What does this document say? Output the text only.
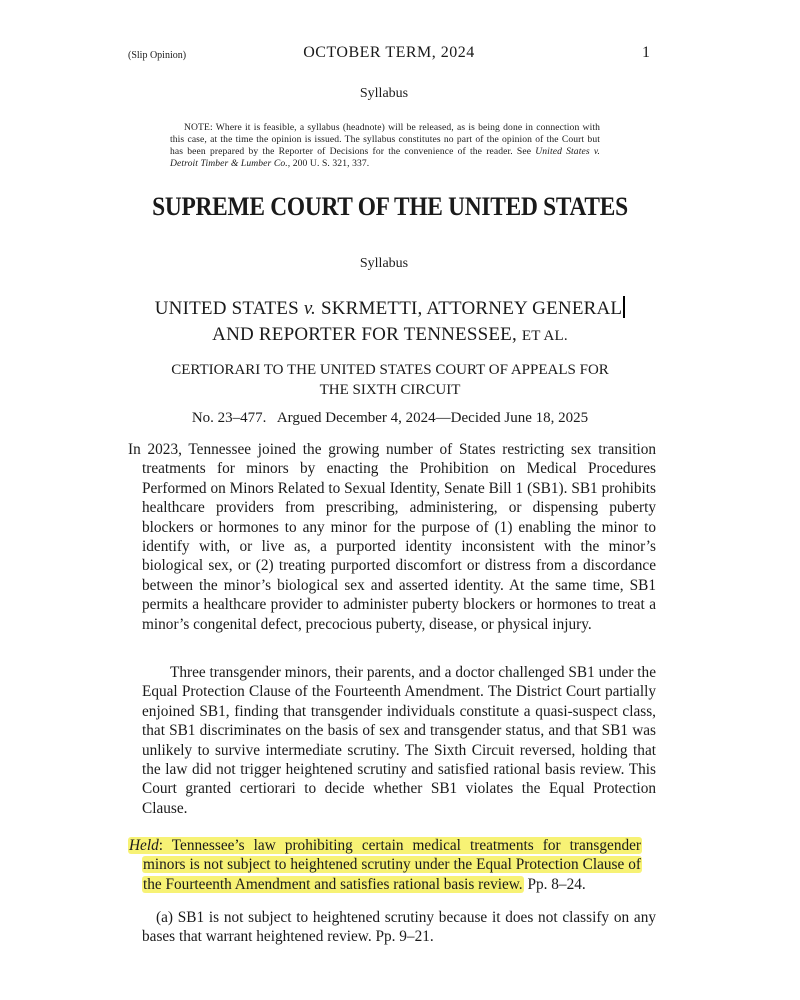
(Slip Opinion)	OCTOBER TERM, 2024	1
Syllabus
NOTE: Where it is feasible, a syllabus (headnote) will be released, as is being done in connection with this case, at the time the opinion is issued. The syllabus constitutes no part of the opinion of the Court but has been prepared by the Reporter of Decisions for the convenience of the reader. See United States v. Detroit Timber & Lumber Co., 200 U. S. 321, 337.
SUPREME COURT OF THE UNITED STATES
Syllabus
UNITED STATES v. SKRMETTI, ATTORNEY GENERAL
AND REPORTER FOR TENNESSEE, ET AL.
CERTIORARI TO THE UNITED STATES COURT OF APPEALS FOR
THE SIXTH CIRCUIT
No. 23–477.   Argued December 4, 2024—Decided June 18, 2025
In 2023, Tennessee joined the growing number of States restricting sex transition treatments for minors by enacting the Prohibition on Medical Procedures Performed on Minors Related to Sexual Identity, Senate Bill 1 (SB1). SB1 prohibits healthcare providers from prescribing, administering, or dispensing puberty blockers or hormones to any minor for the purpose of (1) enabling the minor to identify with, or live as, a purported identity inconsistent with the minor’s biological sex, or (2) treating purported discomfort or distress from a discordance between the minor’s biological sex and asserted identity. At the same time, SB1 permits a healthcare provider to administer puberty blockers or hormones to treat a minor’s congenital defect, precocious puberty, disease, or physical injury.
Three transgender minors, their parents, and a doctor challenged SB1 under the Equal Protection Clause of the Fourteenth Amendment. The District Court partially enjoined SB1, finding that transgender individuals constitute a quasi-suspect class, that SB1 discriminates on the basis of sex and transgender status, and that SB1 was unlikely to survive intermediate scrutiny. The Sixth Circuit reversed, holding that the law did not trigger heightened scrutiny and satisfied rational basis review. This Court granted certiorari to decide whether SB1 violates the Equal Protection Clause.
Held: Tennessee’s law prohibiting certain medical treatments for transgender minors is not subject to heightened scrutiny under the Equal Protection Clause of the Fourteenth Amendment and satisfies rational basis review. Pp. 8–24.
(a) SB1 is not subject to heightened scrutiny because it does not classify on any bases that warrant heightened review. Pp. 9–21.
